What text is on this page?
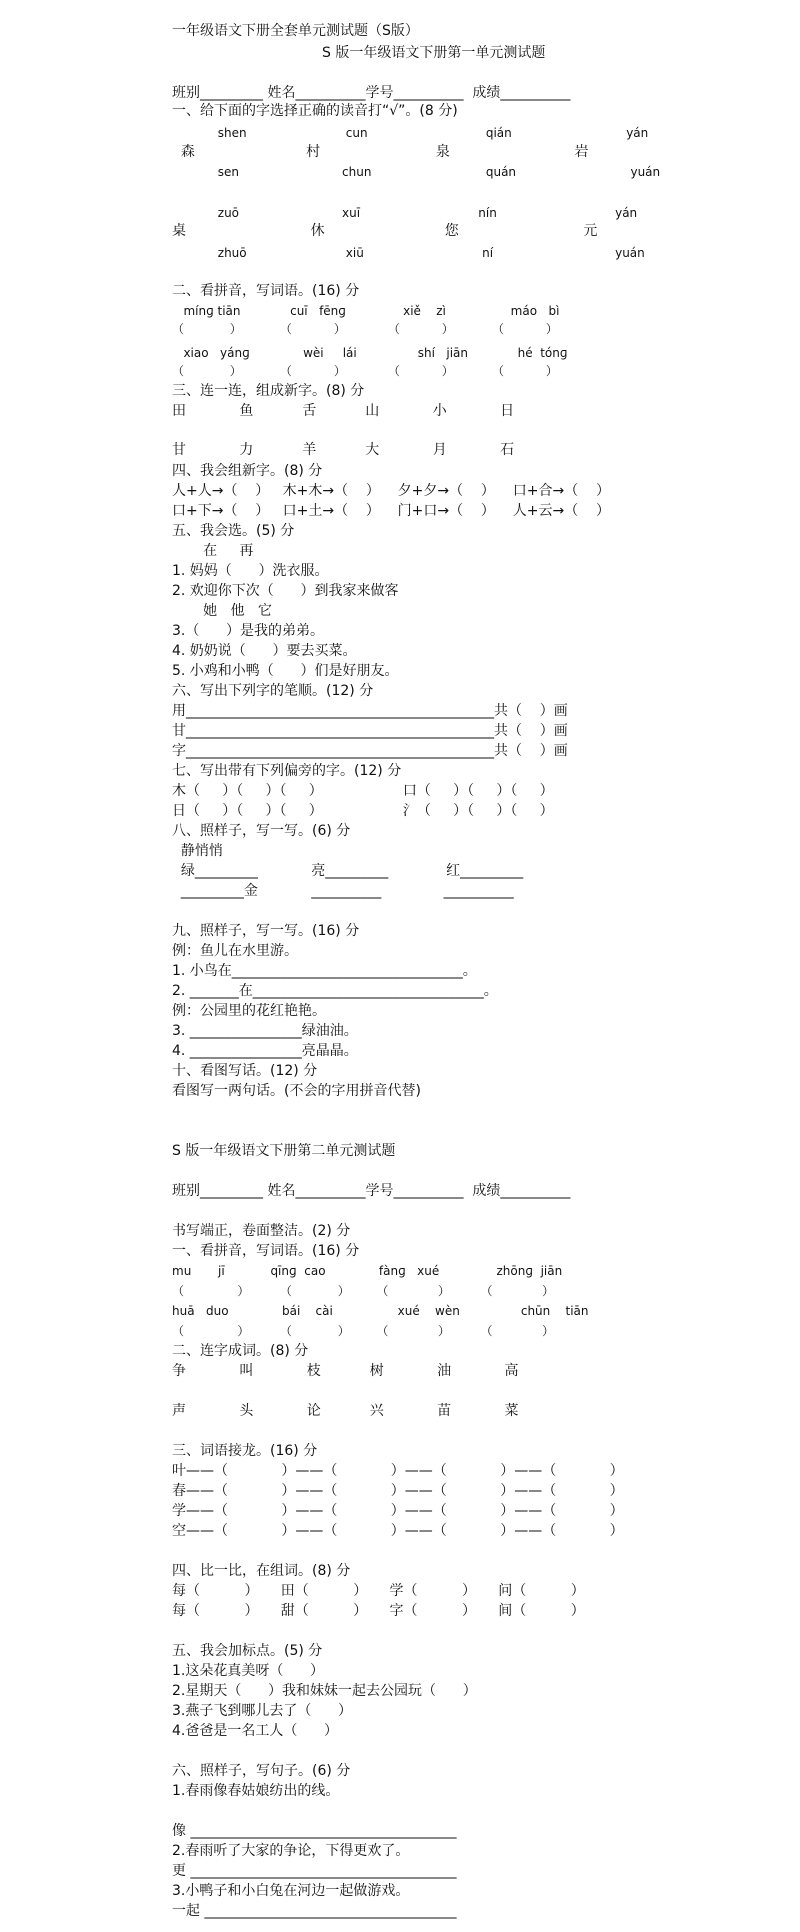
一年级语文下册全套单元测试题（S版）
S 版一年级语文下册第一单元测试题
班别_________ 姓名__________学号__________  成绩__________
一、给下面的字选择正确的读音打“√”。(8 分)
shen                          cun                               qián                              yán
森                         村                          泉                            岩
sen                           chun                              quán                              yuán
zuō                           xuī                               nín                               yán
桌                            休                           您                            元
zhuō                          xiū                               ní                                yuán
二、看拼音，写词语。(16) 分
mínɡ tiān             cuī   fēnɡ               xiě    zì                 máo   bì
（            ）          （           ）           （           ）          （           ）
xiao   yánɡ              wèi     lái                shí   jiān             hé  tónɡ
（            ）          （           ）           （           ）          （           ）
三、连一连，组成新字。(8) 分
田            鱼           舌           山            小            日
甘            力           羊           大            月            石
四、我会组新字。(8) 分
人+人→（    ）   木+木→（    ）    夕+夕→（    ）    口+合→（    ）
口+下→（    ）   口+土→（    ）    门+口→（    ）    人+云→（    ）
五、我会选。(5) 分
在     再
1. 妈妈（      ）洗衣服。
2. 欢迎你下次（      ）到我家来做客
她   他   它
3.（      ）是我的弟弟。
4. 奶奶说（      ）要去买菜。
5. 小鸡和小鸭（      ）们是好朋友。
六、写出下列字的笔顺。(12) 分
用____________________________________________共（    ）画
甘____________________________________________共（    ）画
字____________________________________________共（    ）画
七、写出带有下列偏旁的字。(12) 分
木（     ）（     ）（     ）                  口（     ）（     ）（     ）
日（     ）（     ）（     ）                  氵（     ）（     ）（     ）
八、照样子，写一写。(6) 分
静悄悄
绿_________            亮_________             红_________
_________金            __________              __________
九、照样子，写一写。(16) 分
例：鱼儿在水里游。
1. 小鸟在_________________________________。
2. _______在_________________________________。
例：公园里的花红艳艳。
3. ________________绿油油。
4. ________________亮晶晶。
十、看图写话。(12) 分
看图写一两句话。(不会的字用拼音代替)
S 版一年级语文下册第二单元测试题
班别_________ 姓名__________学号__________  成绩__________
书写端正，卷面整洁。(2) 分
一、看拼音，写词语。(16) 分
mu       jī            qīnɡ  cao              fànɡ   xué               zhōnɡ  jiān
（              ）        （            ）       （             ）        （             ）
huā   duo              bái    cài                 xué    wèn                chūn    tiān
（              ）        （            ）       （             ）        （             ）
二、连字成词。(8) 分
争            叫            枝           树            油            高
声            头            论           兴            苗            菜
三、词语接龙。(16) 分
叶——（            ）——（            ）——（            ）——（            ）
春——（            ）——（            ）——（            ）——（            ）
学——（            ）——（            ）——（            ）——（            ）
空——（            ）——（            ）——（            ）——（            ）
四、比一比，在组词。(8) 分
每（          ）     田（          ）     学（          ）     问（          ）
每（          ）     甜（          ）     字（          ）     间（          ）
五、我会加标点。(5) 分
1.这朵花真美呀（      ）
2.星期天（      ）我和妹妹一起去公园玩（      ）
3.燕子飞到哪儿去了（      ）
4.爸爸是一名工人（      ）
六、照样子，写句子。(6) 分
1.春雨像春姑娘纺出的线。
像 ______________________________________
2.春雨听了大家的争论，下得更欢了。
更 ______________________________________
3.小鸭子和小白兔在河边一起做游戏。
一起 ____________________________________
